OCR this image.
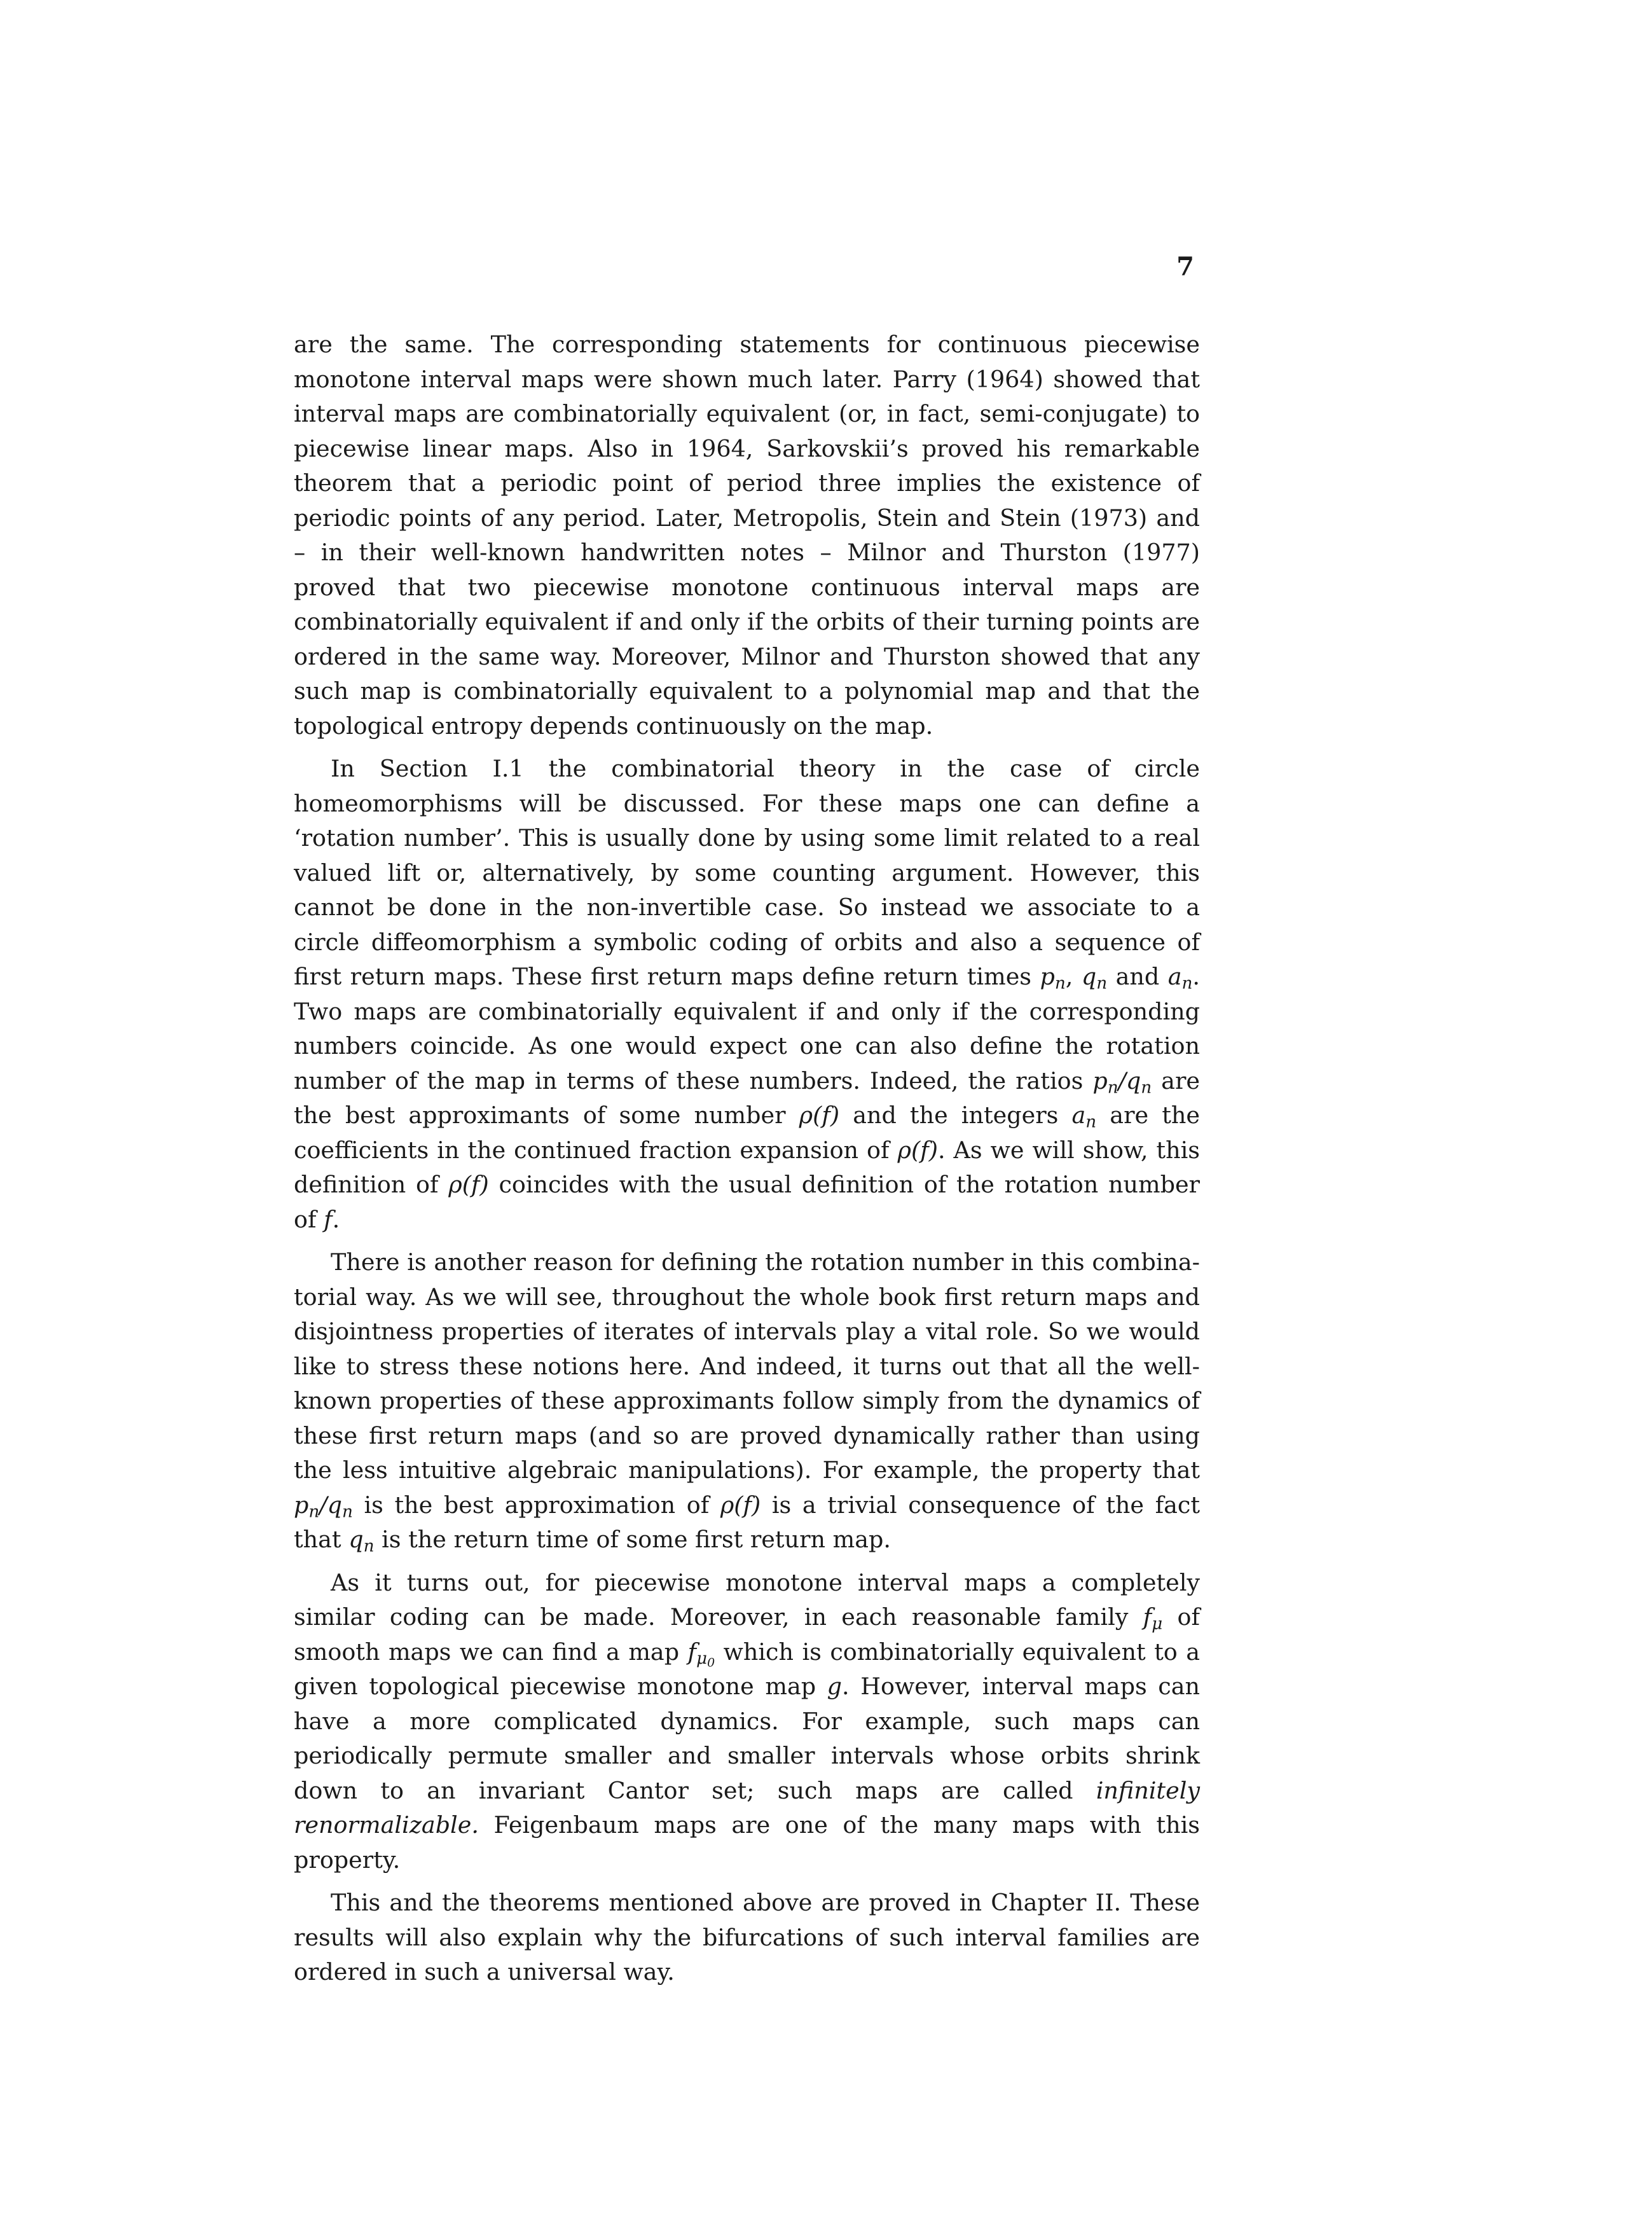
7

are the same. The corresponding statements for continuous piecewise monotone interval maps were shown much later. Parry (1964) showed that interval maps are combinatorially equivalent (or, in fact, semi-conjugate) to piecewise linear maps. Also in 1964, Sarkovskii’s proved his remarkable theorem that a periodic point of period three implies the existence of periodic points of any period. Later, Metropolis, Stein and Stein (1973) and – in their well-known handwritten notes – Milnor and Thurston (1977) proved that two piecewise monotone continuous interval maps are combinatorially equivalent if and only if the orbits of their turning points are ordered in the same way. Moreover, Milnor and Thurston showed that any such map is combinatorially equivalent to a polynomial map and that the topological entropy depends continuously on the map.

In Section I.1 the combinatorial theory in the case of circle homeomorphisms will be discussed. For these maps one can define a ‘rotation number’. This is usually done by using some limit related to a real valued lift or, alternatively, by some counting argument. However, this cannot be done in the non-invertible case. So instead we associate to a circle diffeomorphism a symbolic coding of orbits and also a sequence of first return maps. These first return maps define return times $p_n$, $q_n$ and $a_n$. Two maps are combinatorially equivalent if and only if the corresponding numbers coincide. As one would expect one can also define the rotation number of the map in terms of these numbers. Indeed, the ratios $p_n/q_n$ are the best approximants of some number ρ(f) and the integers $a_n$ are the coefficients in the continued fraction expansion of ρ(f). As we will show, this definition of ρ(f) coincides with the usual definition of the rotation number of f.

There is another reason for defining the rotation number in this combinatorial way. As we will see, throughout the whole book first return maps and disjointness properties of iterates of intervals play a vital role. So we would like to stress these notions here. And indeed, it turns out that all the well-known properties of these approximants follow simply from the dynamics of these first return maps (and so are proved dynamically rather than using the less intuitive algebraic manipulations). For example, the property that $p_n/q_n$ is the best approximation of ρ(f) is a trivial consequence of the fact that $q_n$ is the return time of some first return map.

As it turns out, for piecewise monotone interval maps a completely similar coding can be made. Moreover, in each reasonable family $f_\mu$ of smooth maps we can find a map $f_{\mu_0}$ which is combinatorially equivalent to a given topological piecewise monotone map g. However, interval maps can have a more complicated dynamics. For example, such maps can periodically permute smaller and smaller intervals whose orbits shrink down to an invariant Cantor set; such maps are called infinitely renormalizable. Feigenbaum maps are one of the many maps with this property.

This and the theorems mentioned above are proved in Chapter II. These results will also explain why the bifurcations of such interval families are ordered in such a universal way.
